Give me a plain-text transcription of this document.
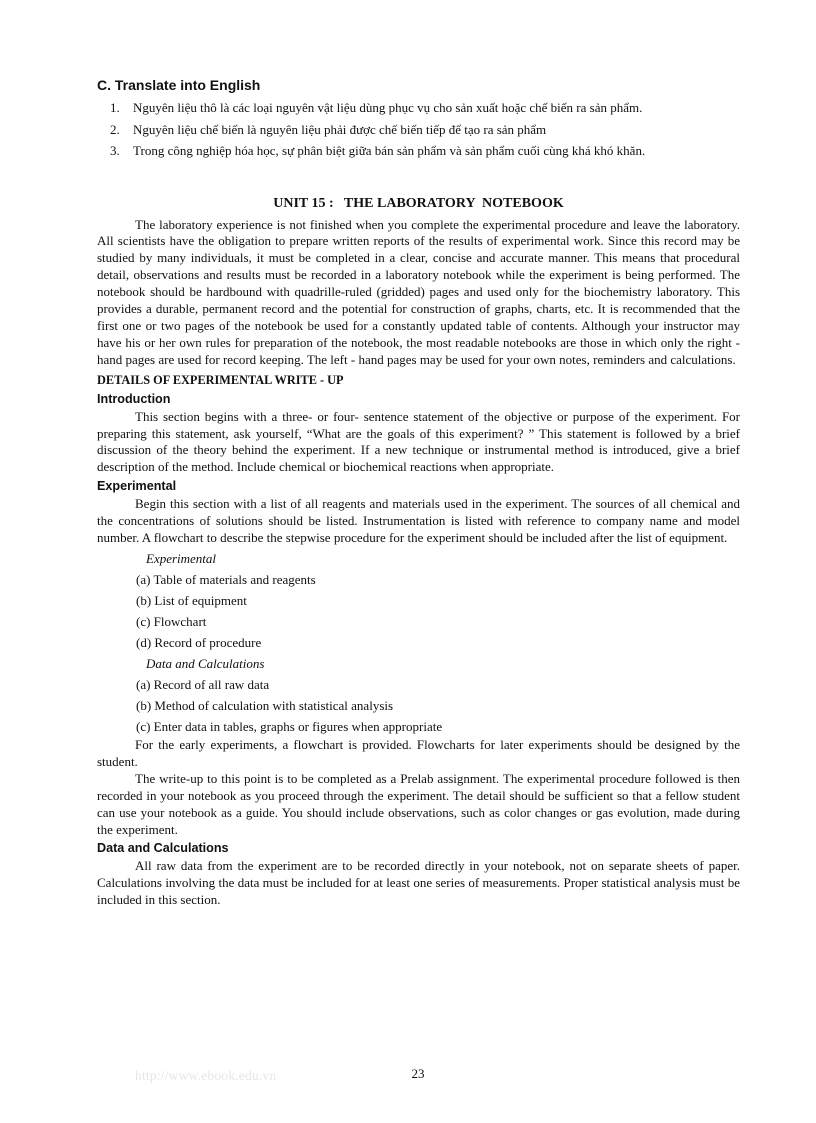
C. Translate into English
1. Nguyên liệu thô là các loại nguyên vật liệu dùng phục vụ cho sản xuất hoặc chế biến ra sản phẩm.
2. Nguyên liệu chế biến là nguyên liệu phải được chế biến tiếp để tạo ra sản phẩm
3. Trong công nghiệp hóa học, sự phân biệt giữa bán sản phẩm và sản phẩm cuối cùng khá khó khăn.
UNIT 15 :   THE LABORATORY  NOTEBOOK

The laboratory experience is not finished when you complete the experimental procedure and leave the laboratory. All scientists have the obligation to prepare written reports of the results of experimental work. Since this record may be studied by many individuals, it must be completed in a clear, concise and accurate manner. This means that procedural detail, observations and results must be recorded in a laboratory notebook while the experiment is being performed. The notebook should be hardbound with quadrille-ruled (gridded) pages and used only for the biochemistry laboratory. This provides a durable, permanent record and the potential for construction of graphs, charts, etc. It is recommended that the first one or two pages of the notebook be used for a constantly updated table of contents. Although your instructor may have his or her own rules for preparation of the notebook, the most readable notebooks are those in which only the right - hand pages are used for record keeping. The left - hand pages may be used for your own notes, reminders and calculations.

DETAILS OF EXPERIMENTAL WRITE - UP
Introduction

This section begins with a three- or four- sentence statement of the objective or purpose of the experiment. For preparing this statement, ask yourself, “What are the goals of this experiment? ” This statement is followed by a brief discussion of the theory behind the experiment. If a new technique or instrumental method is introduced, give a brief description of the method. Include chemical or biochemical reactions when appropriate.

Experimental

Begin this section with a list of all reagents and materials used in the experiment. The sources of all chemical and the concentrations of solutions should be listed. Instrumentation is listed with reference to company name and model number. A flowchart to describe the stepwise procedure for the experiment should be included after the list of equipment.

Experimental
(a) Table of materials and reagents
(b) List of equipment
(c) Flowchart
(d) Record of procedure
Data and Calculations
(a) Record of all raw data
(b) Method of calculation with statistical analysis
(c) Enter data in tables, graphs or figures when appropriate

For the early experiments, a flowchart is provided. Flowcharts for later experiments should be designed by the student.

The write-up to this point is to be completed as a Prelab assignment. The experimental procedure followed is then recorded in your notebook as you proceed through the experiment. The detail should be sufficient so that a fellow student can use your notebook as a guide. You should include observations, such as color changes or gas evolution, made during the experiment.

Data and Calculations

All raw data from the experiment are to be recorded directly in your notebook, not on separate sheets of paper. Calculations involving the data must be included for at least one series of measurements. Proper statistical analysis must be included in this section.

http://www.ebook.edu.vn	23
